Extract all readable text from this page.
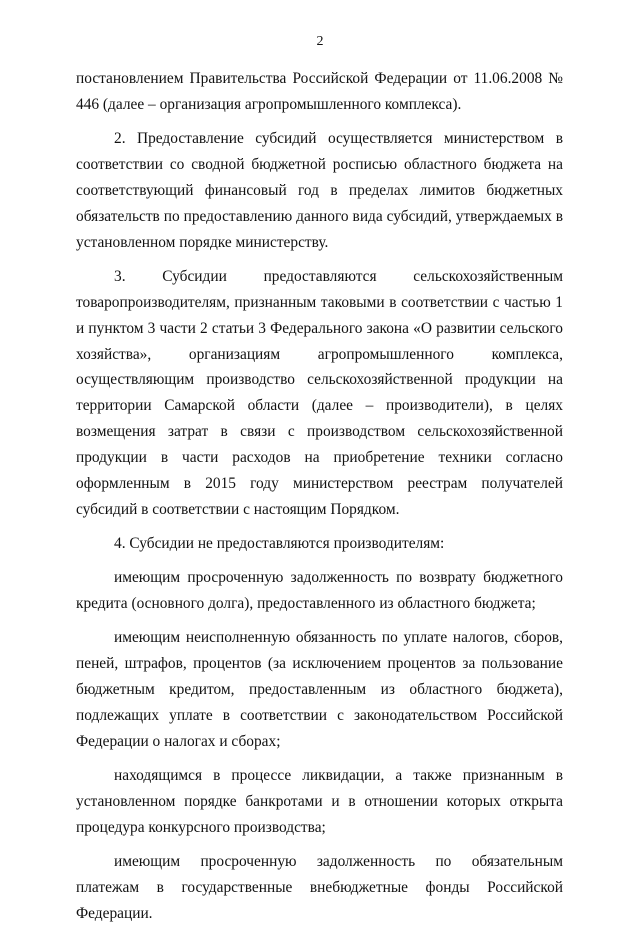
2

постановлением Правительства Российской Федерации от 11.06.2008 № 446 (далее – организация агропромышленного комплекса).

2. Предоставление субсидий осуществляется министерством в соответствии со сводной бюджетной росписью областного бюджета на соответствующий финансовый год в пределах лимитов бюджетных обязательств по предоставлению данного вида субсидий, утверждаемых в установленном порядке министерству.

3. Субсидии предоставляются сельскохозяйственным товаропроизводителям, признанным таковыми в соответствии с частью 1 и пунктом 3 части 2 статьи 3 Федерального закона «О развитии сельского хозяйства», организациям агропромышленного комплекса, осуществляющим производство сельскохозяйственной продукции на территории Самарской области (далее – производители), в целях возмещения затрат в связи с производством сельскохозяйственной продукции в части расходов на приобретение техники согласно оформленным в 2015 году министерством реестрам получателей субсидий в соответствии с настоящим Порядком.

4. Субсидии не предоставляются производителям:

имеющим просроченную задолженность по возврату бюджетного кредита (основного долга), предоставленного из областного бюджета;

имеющим неисполненную обязанность по уплате налогов, сборов, пеней, штрафов, процентов (за исключением процентов за пользование бюджетным кредитом, предоставленным из областного бюджета), подлежащих уплате в соответствии с законодательством Российской Федерации о налогах и сборах;

находящимся в процессе ликвидации, а также признанным в установленном порядке банкротами и в отношении которых открыта процедура конкурсного производства;

имеющим просроченную задолженность по обязательным платежам в государственные внебюджетные фонды Российской Федерации.
